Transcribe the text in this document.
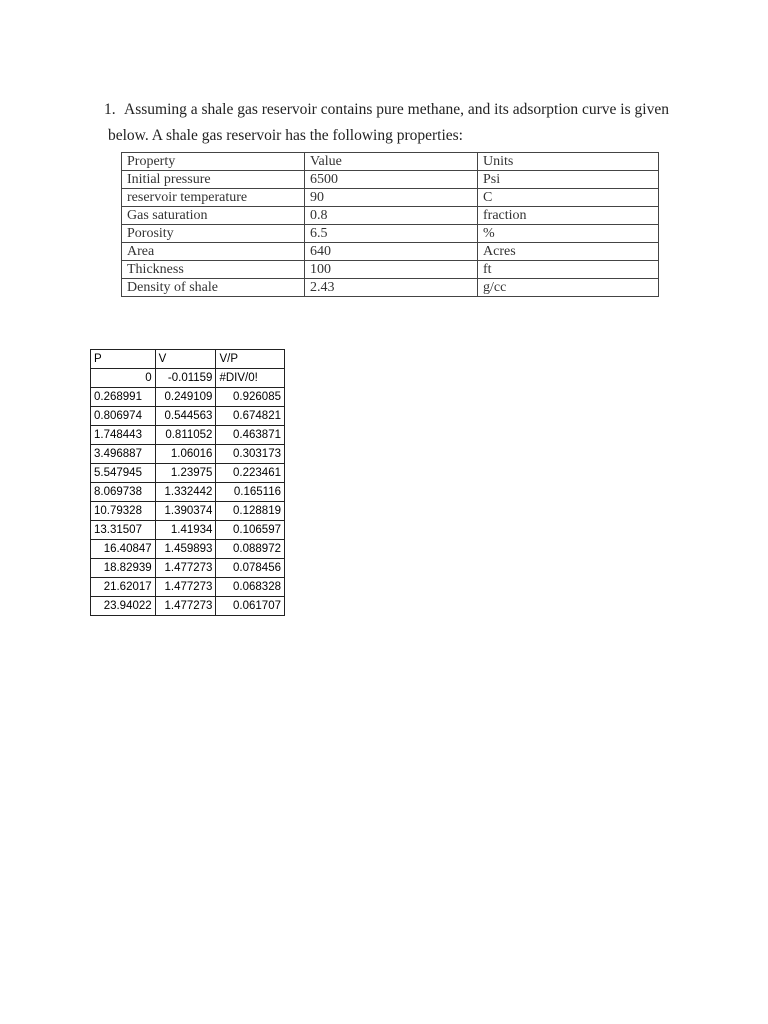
1. Assuming a shale gas reservoir contains pure methane, and its adsorption curve is given
below. A shale gas reservoir has the following properties:
Property	Value	Units
Initial pressure	6500	Psi
reservoir temperature	90	C
Gas saturation	0.8	fraction
Porosity	6.5	%
Area	640	Acres
Thickness	100	ft
Density of shale	2.43	g/cc
P	V	V/P
0	-0.01159	#DIV/0!
0.268991	0.249109	0.926085
0.806974	0.544563	0.674821
1.748443	0.811052	0.463871
3.496887	1.06016	0.303173
5.547945	1.23975	0.223461
8.069738	1.332442	0.165116
10.79328	1.390374	0.128819
13.31507	1.41934	0.106597
16.40847	1.459893	0.088972
18.82939	1.477273	0.078456
21.62017	1.477273	0.068328
23.94022	1.477273	0.061707
